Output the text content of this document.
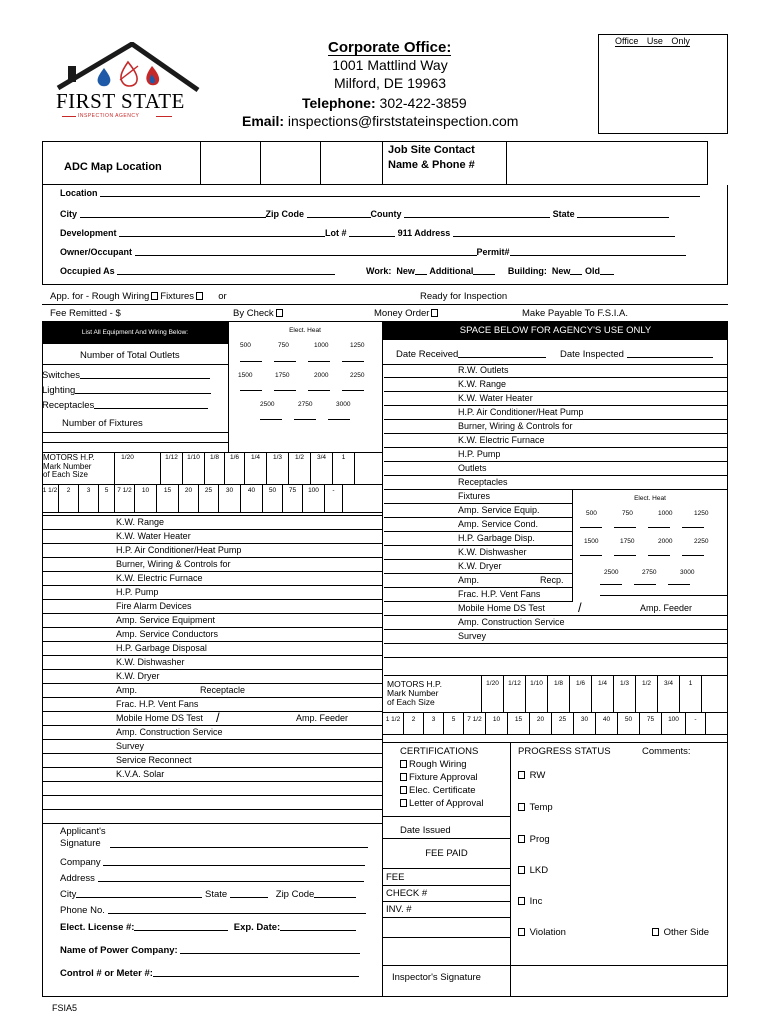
FIRST STATE
INSPECTION AGENCY
Corporate Office:
1001 Mattlind Way
Milford, DE 19963
Telephone: 302-422-3859
Email: inspections@firststateinspection.com
Office Use Only
ADC Map Location
Job Site Contact
Name & Phone #
Location
City	Zip Code	County	State
Development	Lot #	911 Address
Owner/Occupant	Permit#
Occupied As	Work: New Additional	Building: New Old
App. for - Rough Wiring Fixtures	or	Ready for Inspection
Fee Remitted - $	By Check	Money Order	Make Payable To F.S.I.A.
List All Equipment And Wiring Below:	Elect. Heat
500	750	1000	1250
1500	1750	2000	2250
2500	2750	3000
Number of Total Outlets
Switches
Lighting
Receptacles
Number of Fixtures
MOTORS H.P.
Mark Number
of Each Size
1/20	1/12	1/10	1/8	1/6	1/4	1/3	1/2	3/4	1
1 1/2	2	3	5	7 1/2	10	15	20	25	30	40	50	75	100	-
K.W. Range
K.W. Water Heater
H.P. Air Conditioner/Heat Pump
Burner, Wiring & Controls for
K.W. Electric Furnace
H.P. Pump
Fire Alarm Devices
Amp. Service Equipment
Amp. Service Conductors
H.P. Garbage Disposal
K.W. Dishwasher
K.W. Dryer
Amp.	Receptacle
Frac. H.P. Vent Fans
Mobile Home DS Test /	Amp. Feeder
Amp. Construction Service
Survey
Service Reconnect
K.V.A. Solar
Applicant's
Signature
Company
Address
City	State	Zip Code
Phone No.
Elect. License #:	Exp. Date:
Name of Power Company:
Control # or Meter #:
SPACE BELOW FOR AGENCY'S USE ONLY
Date Received	Date Inspected
R.W. Outlets
K.W. Range
K.W. Water Heater
H.P. Air Conditioner/Heat Pump
Burner, Wiring & Controls for
K.W. Electric Furnace
H.P. Pump
Outlets
Receptacles
Fixtures
Amp. Service Equip.
Amp. Service Cond.
H.P. Garbage Disp.
K.W. Dishwasher
K.W. Dryer
Amp.	Recp.
Frac. H.P. Vent Fans
Mobile Home DS Test	/	Amp. Feeder
Amp. Construction Service
Survey
Elect. Heat
500	750	1000	1250
1500	1750	2000	2250
2500	2750	3000
MOTORS H.P.
Mark Number
of Each Size
1/20	1/12	1/10	1/8	1/6	1/4	1/3	1/2	3/4	1
1 1/2	2	3	5	7 1/2	10	15	20	25	30	40	50	75	100	-
CERTIFICATIONS	PROGRESS STATUS	Comments:
Rough Wiring
Fixture Approval
Elec. Certificate
Letter of Approval
RW
Temp
Prog
LKD
Inc
Violation	Other Side
Date Issued
FEE PAID
FEE
CHECK #
INV. #
Inspector's Signature
FSIA5
